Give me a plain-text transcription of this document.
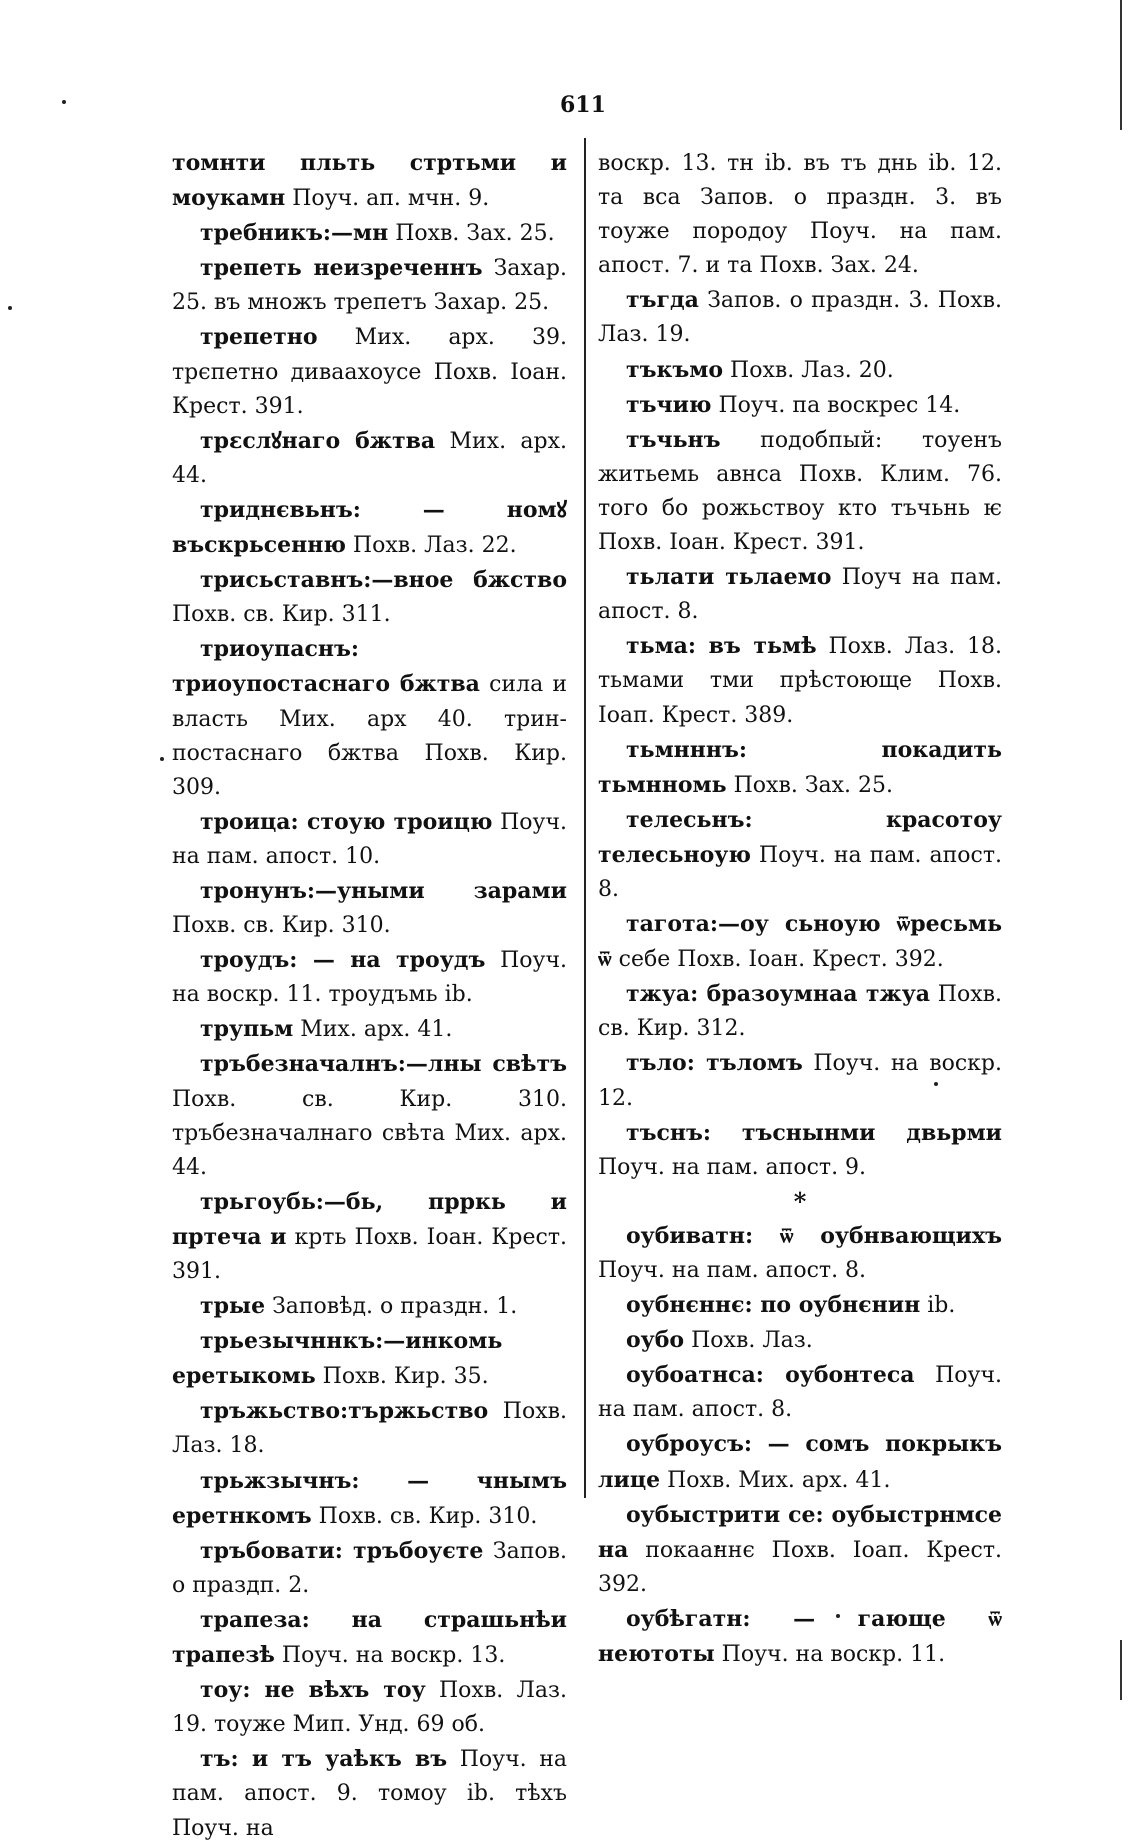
611

томнти пльть стртьми и моукамн Поуч. ап. мчн. 9.

требникъ:—мн Похв. Зах. 25.

трепеть неизреченнъ Захар. 25. въ множъ трепетъ Захар. 25.

трепетно Мих. арх. 39. трєпетно диваахоусе Похв. Іоан. Крест. 391.

трεслꙋнаго бжтва Мих. арх. 44.

триднєвьнъ: — номꙋ въскрьсенню Похв. Лаз. 22.

трисьставнъ:—вное бжство Похв. св. Кир. 311.

триоупаснъ: триоупостаснаго бжтва сила и власть Мих. арх 40. трин-постаснаго бжтва Похв. Кир. 309.

троица: стоую троицю Поуч. на пам. апост. 10.

тронунъ:—уными зарами Похв. св. Кир. 310.

троудъ: — на троудъ Поуч. на воскр. 11. троудъмь ib.

трупьм Мих. арх. 41.

тръбезначалнъ:—лны свѣтъ Похв. св. Кир. 310. тръбезначалнаго свѣта Мих. арх. 44.

трьгоубь:—бь, прркь и пртечa и крть Похв. Іоан. Крест. 391.

трые Заповѣд. о праздн. 1.

трьезычннкъ:—инкомь еретыкомь Похв. Кир. 35.

тръжьство:тържьство Похв. Лаз. 18.

трьжзычнъ: — чнымъ еретнкомъ Похв. св. Кир. 310.

тръбовати: тръбоуєте Запов. о праздп. 2.

трапеза: на страшьнѣи трапезѣ Поуч. на воскр. 13.

тоу: не вѣхъ тоу Похв. Лаз. 19. тоуже Мип. Унд. 69 об.

тъ: и тъ уаѣкъ въ Поуч. на пам. апост. 9. томоу ib. тѣхъ Поуч. на

воскр. 13. тн ib. въ тъ днь ib. 12. та вса Запов. о праздн. 3. въ тоуже породоу Поуч. на пам. апост. 7. и та Похв. Зах. 24.

тъгда Запов. о праздн. 3. Похв. Лаз. 19.

тъкъмо Похв. Лаз. 20.

тъчию Поуч. па воскрес 14.

тъчьнъ подобпый: тоуенъ житьемь авнса Похв. Клим. 76. того бо рожьствоу кто тъчьнь ѥ Похв. Іоан. Крест. 391.

тьлати тьлаемо Поуч на пам. апост. 8.

тьма: въ тьмѣ Похв. Лаз. 18. тьмами тми прѣстоюще Похв. Іоап. Крест. 389.

тьмнннъ: покадить тьмнномь Похв. Зах. 25.

телесьнъ: красотоу телесьноую Поуч. на пам. апост. 8.

тагота:—оу сьноую ѿресьмь ѿ себе Похв. Іоан. Крест. 392.

тжуа: бразоумнаа тжуа Похв. св. Кир. 312.

тъло: тъломъ Поуч. на воскр. 12.

тъснъ: тъснынми двьрми Поуч. на пам. апост. 9.

*

оубиватн: ѿ оубнвающихъ Поуч. на пам. апост. 8.

оубнєннє: по оубнєнин ib.

оубо Похв. Лаз.

оубоатнса: оубонтеса Поуч. на пам. апост. 8.

оуброусъ: — сомъ покрыкъ лице Похв. Мих. арх. 41.

оубыстрити се: оубыстрнмсе на покааннє Похв. Іоап. Крест. 392.

оубѣгатн: — гающе ѿ неютоты Поуч. на воскр. 11.
